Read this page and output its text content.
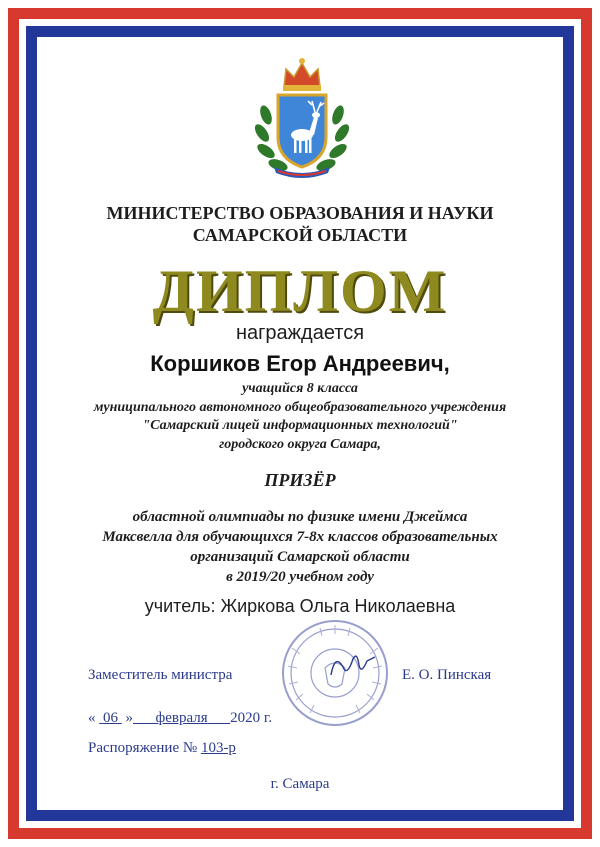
МИНИСТЕРСТВО ОБРАЗОВАНИЯ И НАУКИ
САМАРСКОЙ ОБЛАСТИ
ДИПЛОМ
награждается
Коршиков Егор Андреевич,
учащийся 8 класса
муниципального автономного общеобразовательного учреждения
"Самарский лицей информационных технологий"
городского округа Самара,
ПРИЗЁР
областной олимпиады по физике имени Джеймса
Максвелла для обучающихся 7-8х классов образовательных
организаций Самарской области
в 2019/20 учебном году
учитель: Жиркова Ольга Николаевна
Заместитель министра	Е. О. Пинская
« 06 » февраля 2020 г.
Распоряжение № 103-р
г. Самара
